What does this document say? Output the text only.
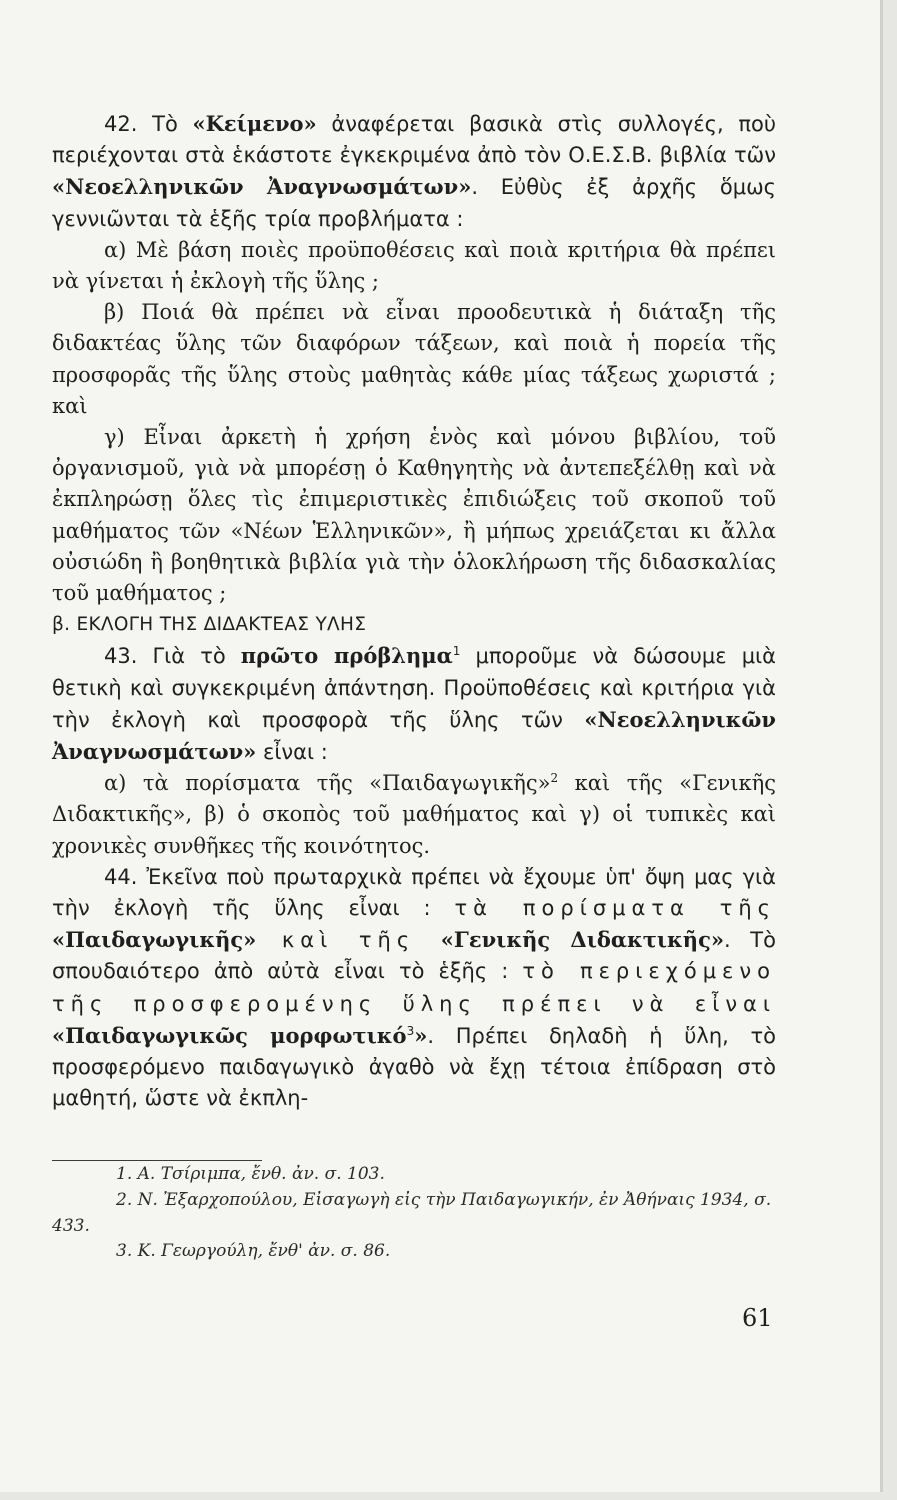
42. Τὸ «Κείμενο» ἀναφέρεται βασικὰ στὶς συλλογές, ποὺ περιέχονται στὰ ἑκάστοτε ἐγκεκριμένα ἀπὸ τὸν Ο.Ε.Σ.Β. βιβλία τῶν «Νεοελληνικῶν Ἀναγνωσμάτων». Εὐθὺς ἐξ ἀρχῆς ὅμως γεννιῶνται τὰ ἑξῆς τρία προβλήματα :

α) Μὲ βάση ποιὲς προϋποθέσεις καὶ ποιὰ κριτήρια θὰ πρέπει νὰ γίνεται ἡ ἐκλογὴ τῆς ὕλης ;

β) Ποιά θὰ πρέπει νὰ εἶναι προοδευτικὰ ἡ διάταξη τῆς διδακτέας ὕλης τῶν διαφόρων τάξεων, καὶ ποιὰ ἡ πορεία τῆς προσφορᾶς τῆς ὕλης στοὺς μαθητὰς κάθε μίας τάξεως χωριστά ; καὶ

γ) Εἶναι ἀρκετὴ ἡ χρήση ἑνὸς καὶ μόνου βιβλίου, τοῦ ὀργανισμοῦ, γιὰ νὰ μπορέσῃ ὁ Καθηγητὴς νὰ ἀντεπεξέλθῃ καὶ νὰ ἐκπληρώσῃ ὅλες τὶς ἐπιμεριστικὲς ἐπιδιώξεις τοῦ σκοποῦ τοῦ μαθήματος τῶν «Νέων Ἑλληνικῶν», ἢ μήπως χρειάζεται κι ἄλλα οὐσιώδη ἢ βοηθητικὰ βιβλία γιὰ τὴν ὁλοκλήρωση τῆς διδασκαλίας τοῦ μαθήματος ;

β. ΕΚΛΟΓΗ ΤΗΣ ΔΙΔΑΚΤΕΑΣ ΥΛΗΣ

43. Γιὰ τὸ πρῶτο πρόβλημα$^1$ μποροῦμε νὰ δώσουμε μιὰ θετικὴ καὶ συγκεκριμένη ἀπάντηση. Προϋποθέσεις καὶ κριτήρια γιὰ τὴν ἐκλογὴ καὶ προσφορὰ τῆς ὕλης τῶν «Νεοελληνικῶν Ἀναγνωσμάτων» εἶναι :

α) τὰ πορίσματα τῆς «Παιδαγωγικῆς»$^2$ καὶ τῆς «Γενικῆς Διδακτικῆς», β) ὁ σκοπὸς τοῦ μαθήματος καὶ γ) οἱ τυπικὲς καὶ χρονικὲς συνθῆκες τῆς κοινότητος.

44. Ἐκεῖνα ποὺ πρωταρχικὰ πρέπει νὰ ἔχουμε ὑπ' ὄψη μας γιὰ τὴν ἐκλογὴ τῆς ὕλης εἶναι : τὰ πορίσματα τῆς «Παιδαγωγικῆς» καὶ τῆς «Γενικῆς Διδακτικῆς». Τὸ σπουδαιότερο ἀπὸ αὐτὰ εἶναι τὸ ἑξῆς : τὸ περιεχόμενο τῆς προσφερομένης ὕλης πρέπει νὰ εἶναι «Παιδαγωγικῶς μορφωτικό$^3$». Πρέπει δηλαδὴ ἡ ὕλη, τὸ προσφερόμενο παιδαγωγικὸ ἀγαθὸ νὰ ἔχῃ τέτοια ἐπίδραση στὸ μαθητή, ὥστε νὰ ἐκπλη-

1. Α. Τσίριμπα, ἔνθ. ἀν. σ. 103.

2. Ν. Ἐξαρχοπούλου, Εἰσαγωγὴ εἰς τὴν Παιδαγωγικήν, ἐν Ἀθήναις 1934, σ. 433.

3. Κ. Γεωργούλη, ἔνθ' ἀν. σ. 86.

61
